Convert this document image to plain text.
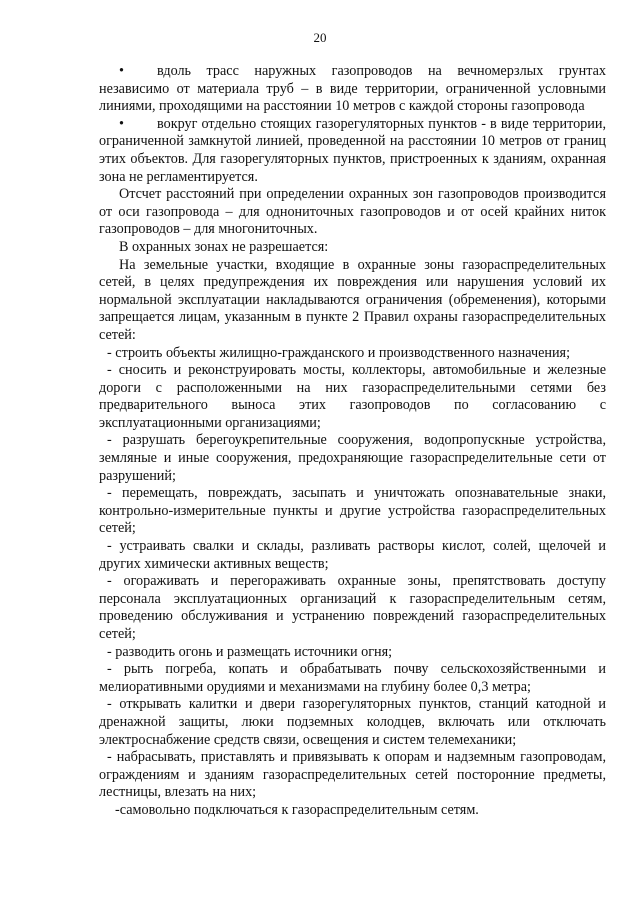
20

• вдоль трасс наружных газопроводов на вечномерзлых грунтах независимо от материала труб – в виде территории, ограниченной условными линиями, проходящими на расстоянии 10 метров с каждой стороны газопровода

• вокруг отдельно стоящих газорегуляторных пунктов - в виде территории, ограниченной замкнутой линией, проведенной на расстоянии 10 метров от границ этих объектов. Для газорегуляторных пунктов, пристроенных к зданиям, охранная зона не регламентируется.

Отсчет расстояний при определении охранных зон газопроводов производится от оси газопровода – для однониточных газопроводов и от осей крайних ниток газопроводов – для многониточных.

В охранных зонах не разрешается:

На земельные участки, входящие в охранные зоны газораспределительных сетей, в целях предупреждения их повреждения или нарушения условий их нормальной эксплуатации накладываются ограничения (обременения), которыми запрещается лицам, указанным в пункте 2 Правил охраны газораспределительных сетей:

- строить объекты жилищно-гражданского и производственного назначения;

- сносить и реконструировать мосты, коллекторы, автомобильные и железные дороги с расположенными на них газораспределительными сетями без предварительного выноса этих газопроводов по согласованию с эксплуатационными организациями;

- разрушать берегоукрепительные сооружения, водопропускные устройства, земляные и иные сооружения, предохраняющие газораспределительные сети от разрушений;

- перемещать, повреждать, засыпать и уничтожать опознавательные знаки, контрольно-измерительные пункты и другие устройства газораспределительных сетей;

- устраивать свалки и склады, разливать растворы кислот, солей, щелочей и других химически активных веществ;

- огораживать и перегораживать охранные зоны, препятствовать доступу персонала эксплуатационных организаций к газораспределительным сетям, проведению обслуживания и устранению повреждений газораспределительных сетей;

- разводить огонь и размещать источники огня;

- рыть погреба, копать и обрабатывать почву сельскохозяйственными и мелиоративными орудиями и механизмами на глубину более 0,3 метра;

- открывать калитки и двери газорегуляторных пунктов, станций катодной и дренажной защиты, люки подземных колодцев, включать или отключать электроснабжение средств связи, освещения и систем телемеханики;

- набрасывать, приставлять и привязывать к опорам и надземным газопроводам, ограждениям и зданиям газораспределительных сетей посторонние предметы, лестницы, влезать на них;

-самовольно подключаться к газораспределительным сетям.
